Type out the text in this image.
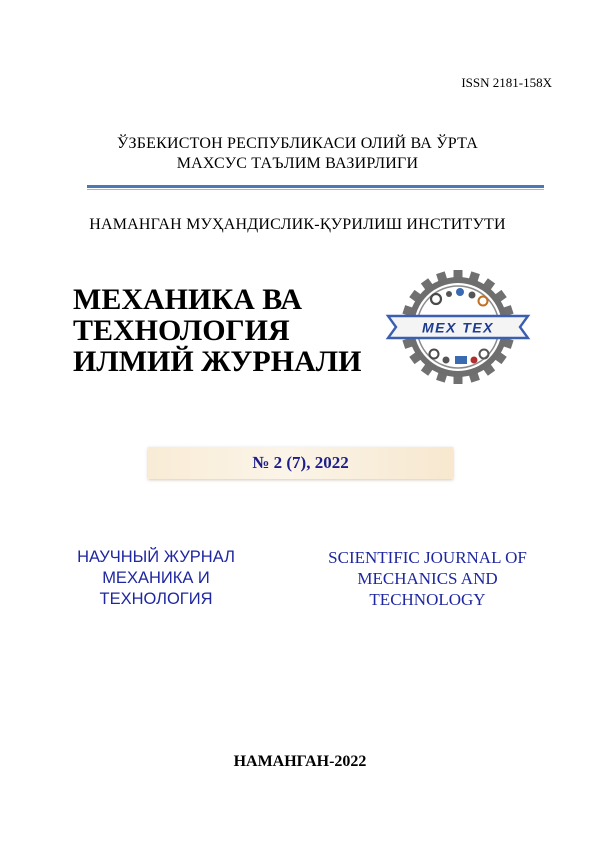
ISSN 2181-158X
ЎЗБЕКИСТОН РЕСПУБЛИКАСИ ОЛИЙ ВА ЎРТА
МАХСУС ТАЪЛИМ ВАЗИРЛИГИ
НАМАНГАН МУҲАНДИСЛИК-ҚУРИЛИШ ИНСТИТУТИ
МЕХАНИКА ВА
ТЕХНОЛОГИЯ
ИЛМИЙ ЖУРНАЛИ
MEX TEX
№ 2 (7), 2022
НАУЧНЫЙ ЖУРНАЛ
МЕХАНИКА И
ТЕХНОЛОГИЯ
SCIENTIFIC JOURNAL OF
MECHANICS AND
TECHNOLOGY
НАМАНГАН-2022
